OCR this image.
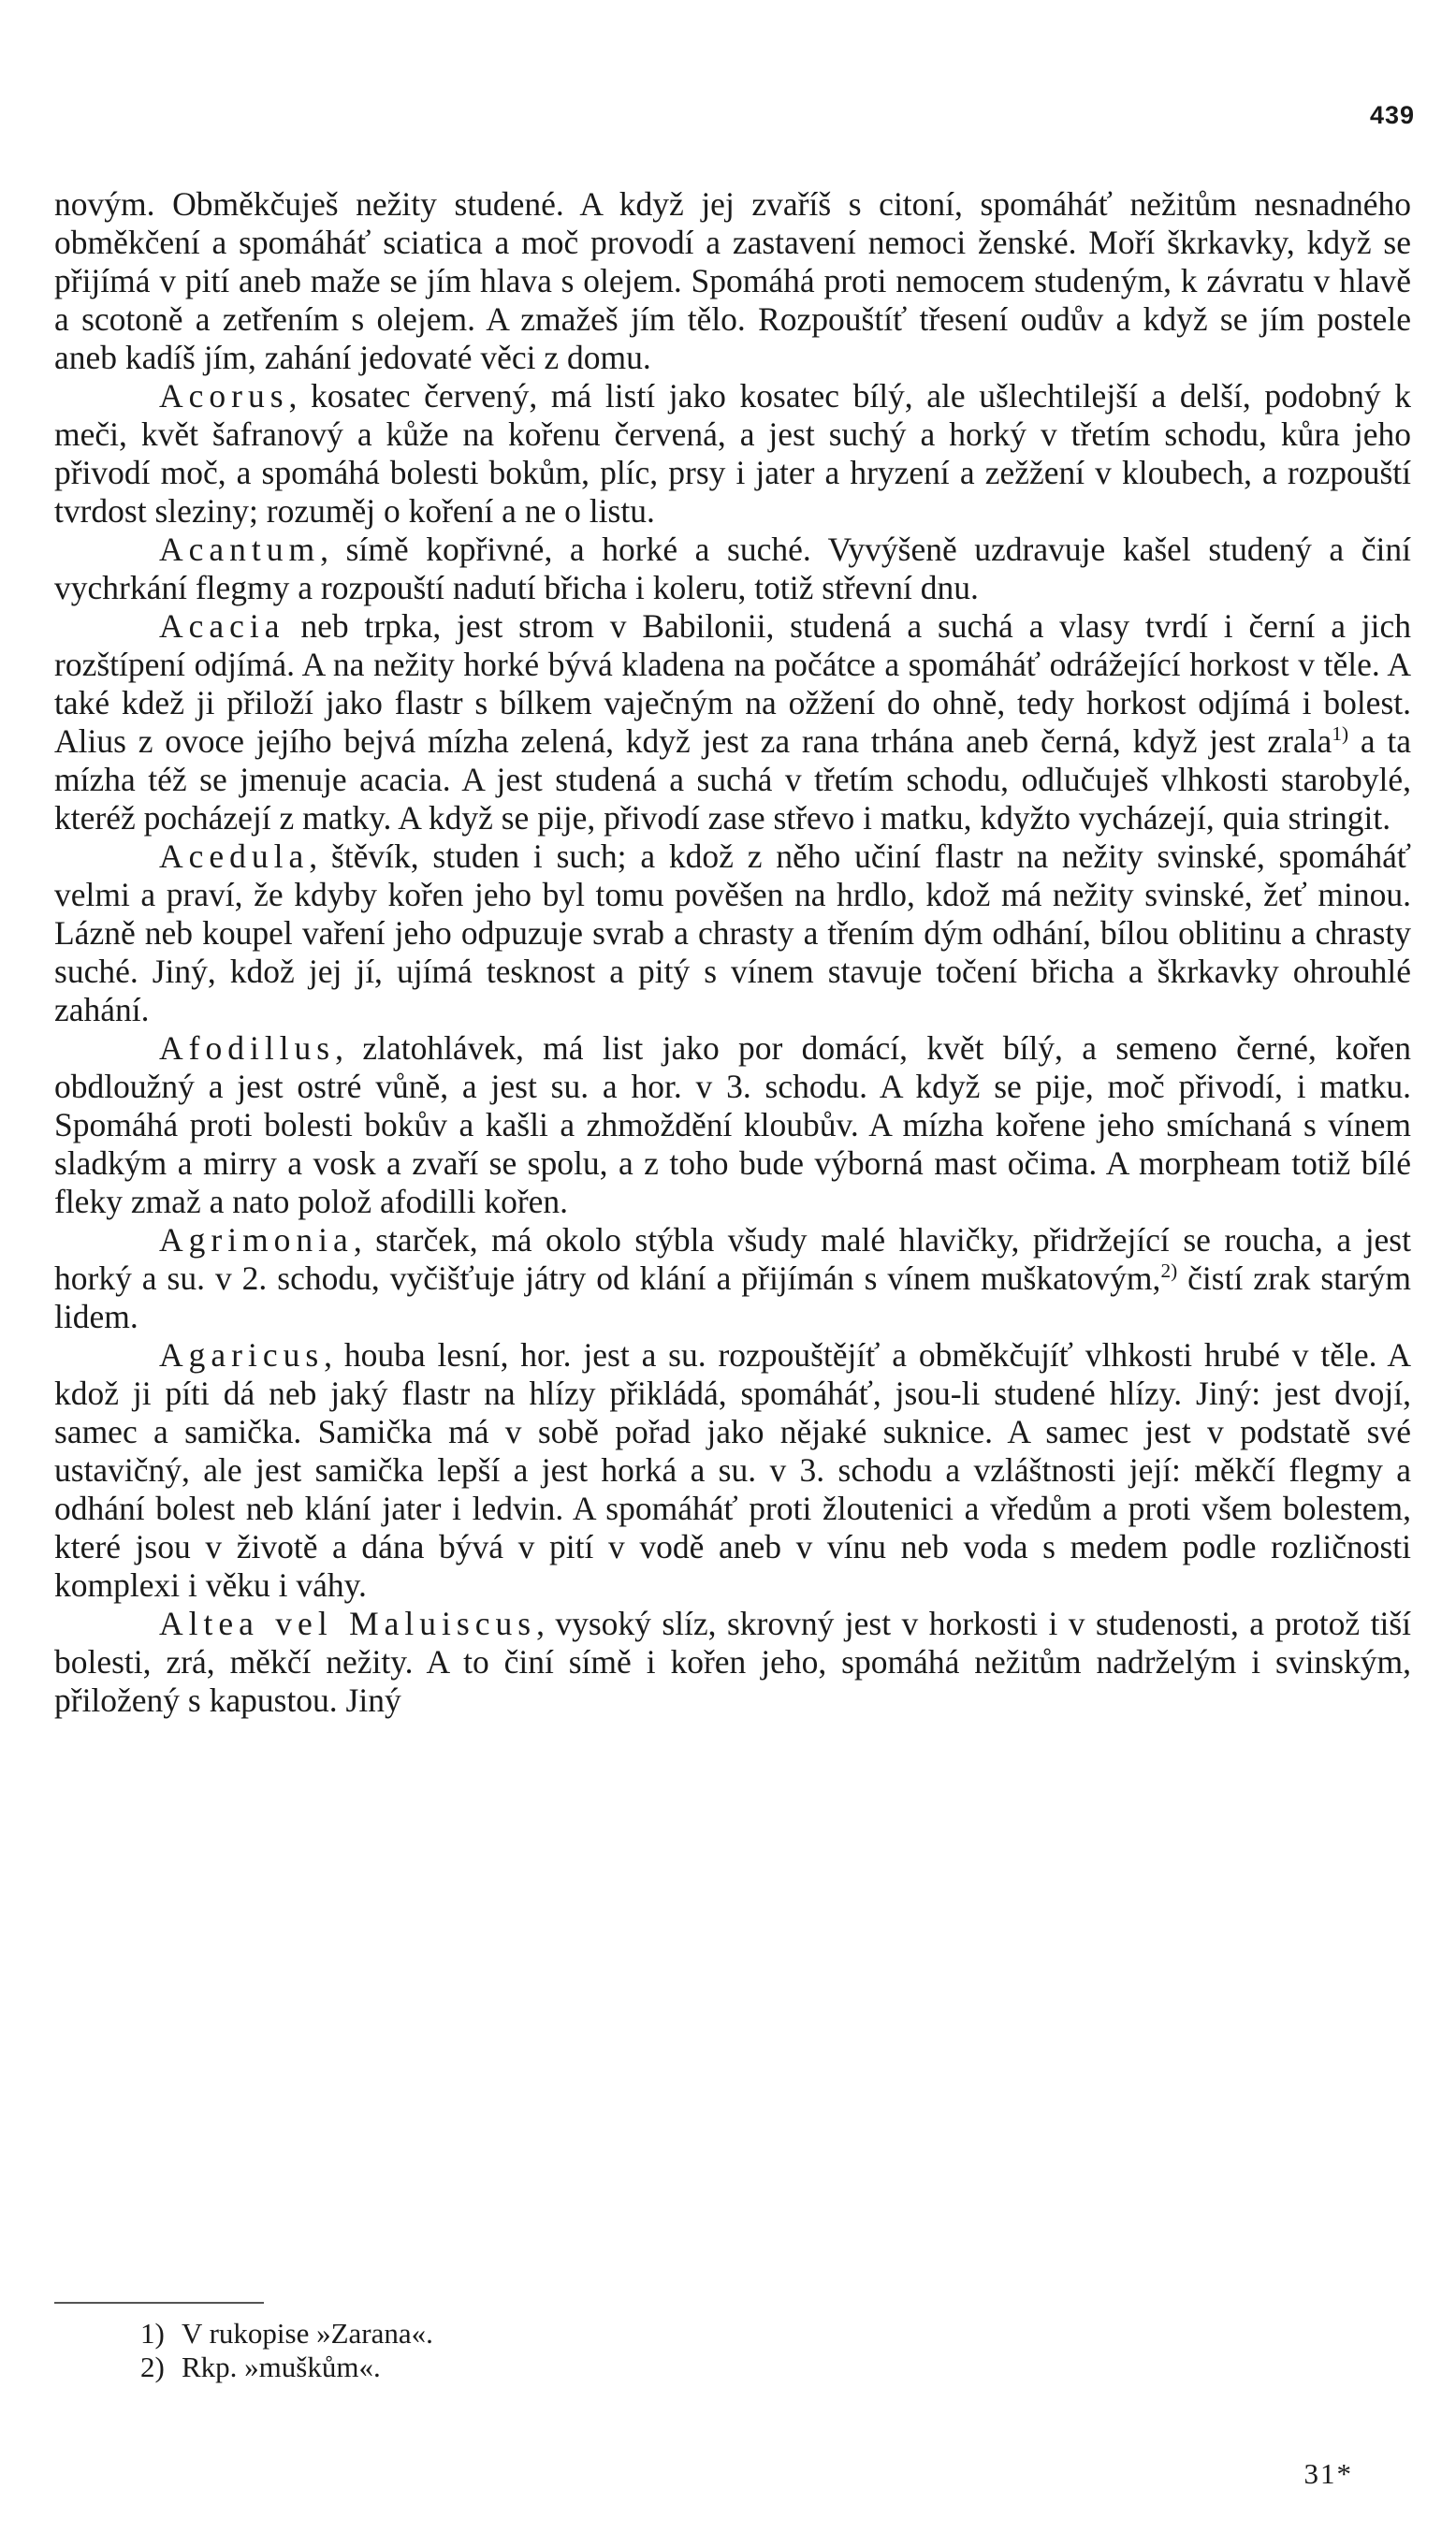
439

novým. Obměkčuješ nežity studené. A když jej zvaříš s citoní, spomáháť nežitům nesnadného obměkčení a spomáháť sciatica a moč provodí a zastavení nemoci ženské. Moří škrkavky, když se přijímá v pití aneb maže se jím hlava s olejem. Spomáhá proti nemocem studeným, k závratu v hlavě a scotoně a zetřením s olejem. A zmažeš jím tělo. Rozpouštíť třesení oudův a když se jím postele aneb kadíš jím, zahání jedovaté věci z domu.

Acorus, kosatec červený, má listí jako kosatec bílý, ale ušlechtilejší a delší, podobný k meči, květ šafranový a kůže na kořenu červená, a jest suchý a horký v třetím schodu, kůra jeho přivodí moč, a spomáhá bolesti bokům, plíc, prsy i jater a hryzení a zežžení v kloubech, a rozpouští tvrdost sleziny; rozuměj o koření a ne o listu.

Acantum, símě kopřivné, a horké a suché. Vyvýšeně uzdravuje kašel studený a činí vychrkání flegmy a rozpouští nadutí břicha i koleru, totiž střevní dnu.

Acacia neb trpka, jest strom v Babilonii, studená a suchá a vlasy tvrdí i černí a jich rozštípení odjímá. A na nežity horké bývá kladena na počátce a spomáháť odrážející horkost v těle. A také kdež ji přiloží jako flastr s bílkem vaječným na ožžení do ohně, tedy horkost odjímá i bolest. Alius z ovoce jejího bejvá mízha zelená, když jest za rana trhána aneb černá, když jest zrala$^{1)}$ a ta mízha též se jmenuje acacia. A jest studená a suchá v třetím schodu, odlučuješ vlhkosti starobylé, kteréž pocházejí z matky. A když se pije, přivodí zase střevo i matku, kdyžto vycházejí, quia stringit.

Acedula, štěvík, studen i such; a kdož z něho učiní flastr na nežity svinské, spomáháť velmi a praví, že kdyby kořen jeho byl tomu pověšen na hrdlo, kdož má nežity svinské, žeť minou. Lázně neb koupel vaření jeho odpuzuje svrab a chrasty a třením dým odhání, bílou oblitinu a chrasty suché. Jiný, kdož jej jí, ujímá tesknost a pitý s vínem stavuje točení břicha a škrkavky ohrouhlé zahání.

Afodillus, zlatohlávek, má list jako por domácí, květ bílý, a semeno černé, kořen obdloužný a jest ostré vůně, a jest su. a hor. v 3. schodu. A když se pije, moč přivodí, i matku. Spomáhá proti bolesti bokův a kašli a zhmoždění kloubův. A mízha kořene jeho smíchaná s vínem sladkým a mirry a vosk a zvaří se spolu, a z toho bude výborná mast očima. A morpheam totiž bílé fleky zmaž a nato polož afodilli kořen.

Agrimonia, starček, má okolo stýbla všudy malé hlavičky, přidržející se roucha, a jest horký a su. v 2. schodu, vyčišťuje játry od klání a přijímán s vínem muškatovým,$^{2)}$ čistí zrak starým lidem.

Agaricus, houba lesní, hor. jest a su. rozpouštějíť a obměkčujíť vlhkosti hrubé v těle. A kdož ji píti dá neb jaký flastr na hlízy přikládá, spomáháť, jsou-li studené hlízy. Jiný: jest dvojí, samec a samička. Samička má v sobě pořad jako nějaké suknice. A samec jest v podstatě své ustavičný, ale jest samička lepší a jest horká a su. v 3. schodu a vzláštnosti její: měkčí flegmy a odhání bolest neb klání jater i ledvin. A spomáháť proti žloutenici a vředům a proti všem bolestem, které jsou v životě a dána bývá v pití v vodě aneb v vínu neb voda s medem podle rozličnosti komplexi i věku i váhy.

Altea vel Maluiscus, vysoký slíz, skrovný jest v horkosti i v studenosti, a protož tiší bolesti, zrá, měkčí nežity. A to činí símě i kořen jeho, spomáhá nežitům nadrželým i svinským, přiložený s kapustou. Jiný

1) V rukopise »Zarana«.
2) Rkp. »muškům«.
31*
